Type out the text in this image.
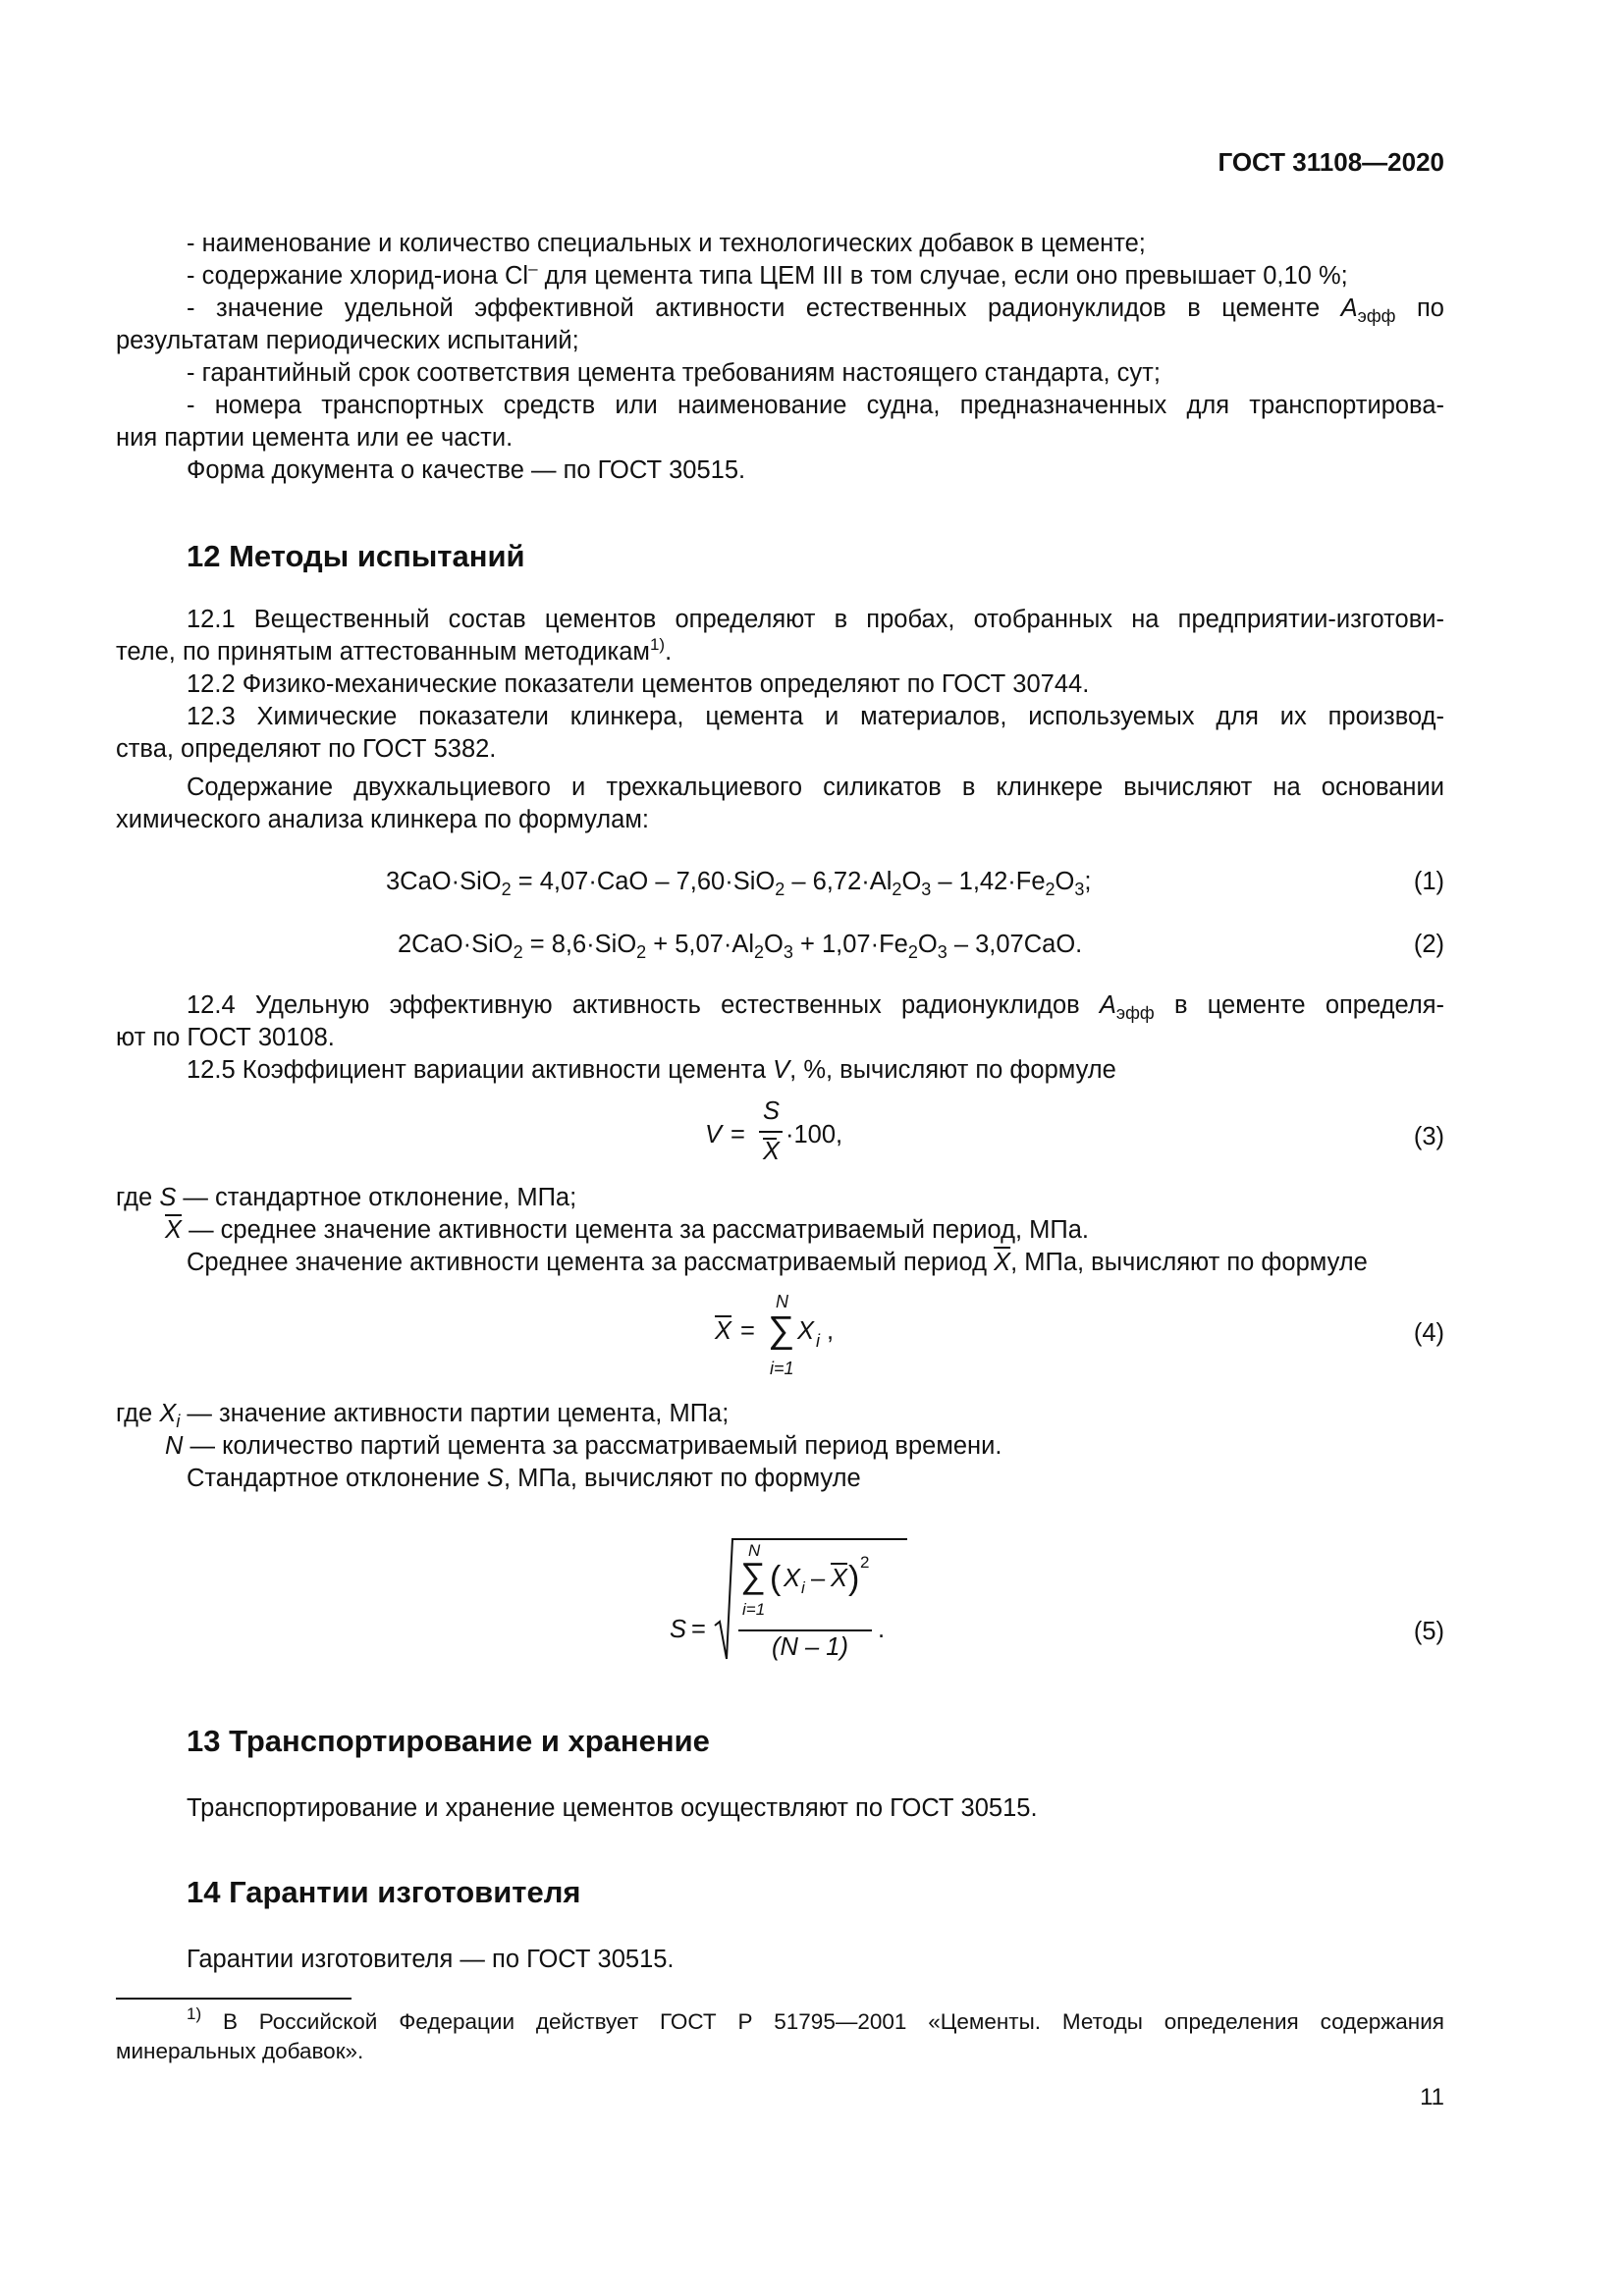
ГОСТ 31108—2020
- наименование и количество специальных и технологических добавок в цементе;
- содержание хлорид-иона Cl– для цемента типа ЦЕМ III в том случае, если оно превышает 0,10 %;
- значение удельной эффективной активности естественных радионуклидов в цементе $A_{эфф}$ по
результатам периодических испытаний;
- гарантийный срок соответствия цемента требованиям настоящего стандарта, сут;
- номера транспортных средств или наименование судна, предназначенных для транспортирова-
ния партии цемента или ее части.
Форма документа о качестве — по ГОСТ 30515.
12 Методы испытаний
12.1 Вещественный состав цементов определяют в пробах, отобранных на предприятии-изготови-
теле, по принятым аттестованным методикам$^{1)}$.
12.2 Физико-механические показатели цементов определяют по ГОСТ 30744.
12.3 Химические показатели клинкера, цемента и материалов, используемых для их производ-
ства, определяют по ГОСТ 5382.
Содержание двухкальциевого и трехкальциевого силикатов в клинкере вычисляют на основании
химического анализа клинкера по формулам:
$3CaO\cdot SiO_2 = 4,07\cdot CaO - 7,60\cdot SiO_2 - 6,72\cdot Al_2O_3 - 1,42\cdot Fe_2O_3$;	(1)
$2CaO\cdot SiO_2 = 8,6\cdot SiO_2 + 5,07\cdot Al_2O_3 + 1,07\cdot Fe_2O_3 - 3,07CaO$.	(2)
12.4 Удельную эффективную активность естественных радионуклидов $A_{эфф}$ в цементе определя-
ют по ГОСТ 30108.
12.5 Коэффициент вариации активности цемента V, %, вычисляют по формуле
V =
S
X
·100,	(3)
где S — стандартное отклонение, МПа;
$\overline{X}$ — среднее значение активности цемента за рассматриваемый период, МПа.
Среднее значение активности цемента за рассматриваемый период $\overline{X}$, МПа, вычисляют по формуле
$\overline{X}$ =
N
∑
i=1
X i ,	(4)
где $X_i$ — значение активности партии цемента, МПа;
N — количество партий цемента за рассматриваемый период времени.
Стандартное отклонение S, МПа, вычисляют по формуле
S =
N
∑
i=1
( X i – $\overline{X}$ ) 2
(N – 1)
.	(5)
13 Транспортирование и хранение
Транспортирование и хранение цементов осуществляют по ГОСТ 30515.
14 Гарантии изготовителя
Гарантии изготовителя — по ГОСТ 30515.
$^{1)}$ В Российской Федерации действует ГОСТ Р 51795—2001 «Цементы. Методы определения содержания
минеральных добавок».
11
